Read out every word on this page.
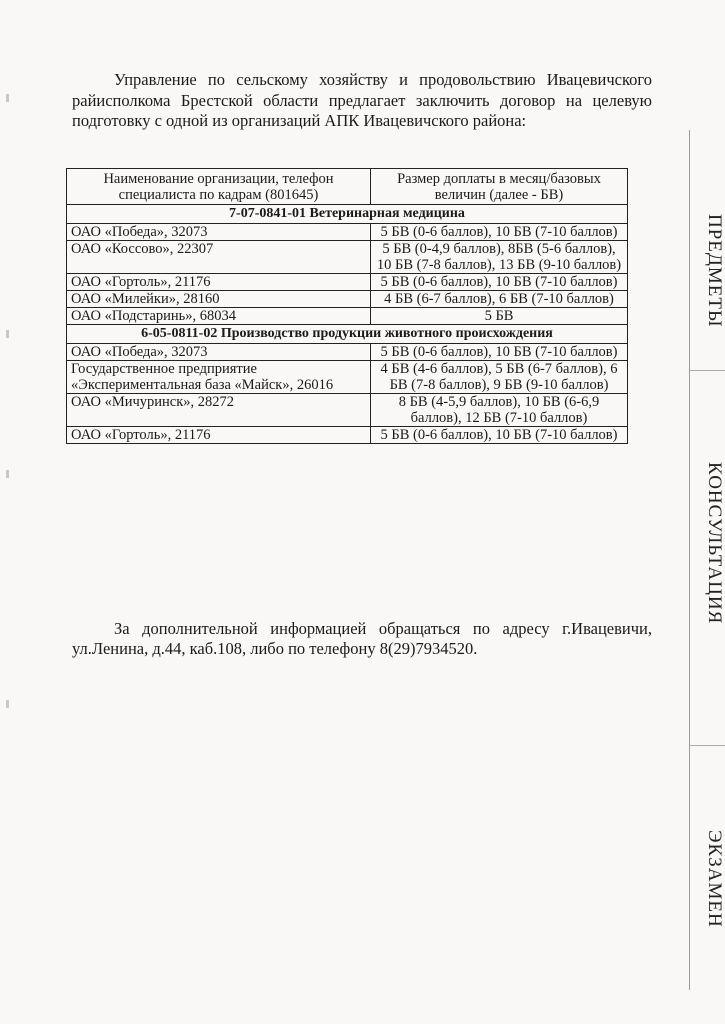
Управление по сельскому хозяйству и продовольствию Ивацевичского райисполкома Брестской области предлагает заключить договор на целевую подготовку с одной из организаций АПК Ивацевичского района:

Наименование организации, телефон специалиста по кадрам (801645)	Размер доплаты в месяц/базовых величин (далее - БВ)
7-07-0841-01 Ветеринарная медицина	
ОАО «Победа», 32073	5 БВ (0-6 баллов), 10 БВ (7-10 баллов)
ОАО «Коссово», 22307	5 БВ (0-4,9 баллов), 8БВ (5-6 баллов), 10 БВ (7-8 баллов), 13 БВ (9-10 баллов)
ОАО «Гортоль», 21176	5 БВ (0-6 баллов), 10 БВ (7-10 баллов)
ОАО «Милейки», 28160	4 БВ (6-7 баллов), 6 БВ (7-10 баллов)
ОАО «Подстаринь», 68034	5 БВ
6-05-0811-02 Производство продукции животного происхождения	
ОАО «Победа», 32073	5 БВ (0-6 баллов), 10 БВ (7-10 баллов)
Государственное предприятие «Экспериментальная база «Майск», 26016	4 БВ (4-6 баллов), 5 БВ (6-7 баллов), 6 БВ (7-8 баллов), 9 БВ (9-10 баллов)
ОАО «Мичуринск», 28272	8 БВ (4-5,9 баллов), 10 БВ (6-6,9 баллов), 12 БВ (7-10 баллов)
ОАО «Гортоль», 21176	5 БВ (0-6 баллов), 10 БВ (7-10 баллов)

За дополнительной информацией обращаться по адресу г.Ивацевичи, ул.Ленина, д.44, каб.108, либо по телефону 8(29)7934520.

ПРЕДМЕТЫ
КОНСУЛЬТАЦИЯ
ЭКЗАМЕН
